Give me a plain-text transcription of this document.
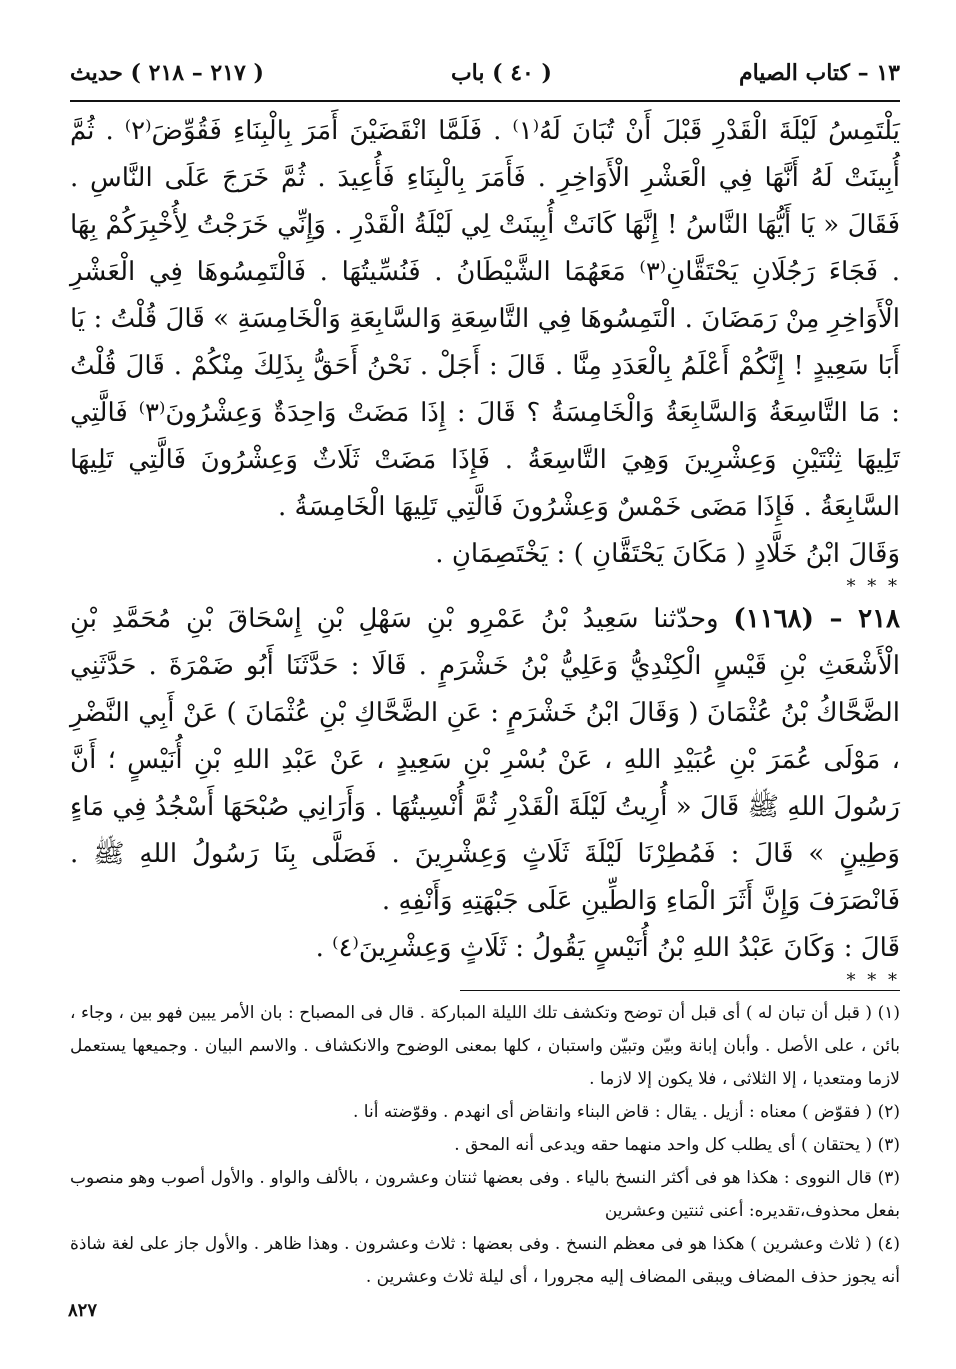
١٣ – كتاب الصيام
( ٤٠ ) باب
( ٢١٧ – ٢١٨ ) حديث

يَلْتَمِسُ لَيْلَةَ الْقَدْرِ قَبْلَ أَنْ تُبَانَ لَهُ⁽١⁾ . فَلَمَّا انْقَضَيْنَ أَمَرَ بِالْبِنَاءِ فَقُوِّضَ⁽٢⁾ . ثُمَّ أُبِينَتْ لَهُ أَنَّهَا فِي الْعَشْرِ الْأَوَاخِرِ . فَأَمَرَ بِالْبِنَاءِ فَأُعِيدَ . ثُمَّ خَرَجَ عَلَى النَّاسِ . فَقَالَ « يَا أَيُّهَا النَّاسُ ! إِنَّهَا كَانَتْ أُبِينَتْ لِي لَيْلَةُ الْقَدْرِ . وَإِنِّي خَرَجْتُ لِأُخْبِرَكُمْ بِهَا . فَجَاءَ رَجُلَانِ يَحْتَقَّانِ⁽٣⁾ مَعَهُمَا الشَّيْطَانُ . فَنُسِّيتُهَا . فَالْتَمِسُوهَا فِي الْعَشْرِ الْأَوَاخِرِ مِنْ رَمَضَانَ . الْتَمِسُوهَا فِي التَّاسِعَةِ وَالسَّابِعَةِ وَالْخَامِسَةِ » قَالَ قُلْتُ : يَا أَبَا سَعِيدٍ ! إِنَّكُمْ أَعْلَمُ بِالْعَدَدِ مِنَّا . قَالَ : أَجَلْ . نَحْنُ أَحَقُّ بِذَلِكَ مِنْكُمْ . قَالَ قُلْتُ : مَا التَّاسِعَةُ وَالسَّابِعَةُ وَالْخَامِسَةُ ؟ قَالَ : إِذَا مَضَتْ وَاحِدَةٌ وَعِشْرُونَ⁽٣⁾ فَالَّتِي تَلِيهَا ثِنْتَيْنِ وَعِشْرِينَ وَهِيَ التَّاسِعَةُ . فَإِذَا مَضَتْ ثَلَاثٌ وَعِشْرُونَ فَالَّتِي تَلِيهَا السَّابِعَةُ . فَإِذَا مَضَى خَمْسٌ وَعِشْرُونَ فَالَّتِي تَلِيهَا الْخَامِسَةُ .

وَقَالَ ابْنُ خَلَّادٍ ( مَكَانَ يَحْتَقَّانِ ) : يَخْتَصِمَانِ .

* * *

٢١٨ – (١١٦٨) وحدّثنا سَعِيدُ بْنُ عَمْرِو بْنِ سَهْلِ بْنِ إِسْحَاقَ بْنِ مُحَمَّدِ بْنِ الْأَشْعَثِ بْنِ قَيْسٍ الْكِنْدِيُّ وَعَلِيُّ بْنُ خَشْرَمٍ . قَالَا : حَدَّثَنَا أَبُو ضَمْرَةَ . حَدَّثَنِي الضَّحَّاكُ بْنُ عُثْمَانَ ( وَقَالَ ابْنُ خَشْرَمٍ : عَنِ الضَّحَّاكِ بْنِ عُثْمَانَ ) عَنْ أَبِي النَّضْرِ ، مَوْلَى عُمَرَ بْنِ عُبَيْدِ اللهِ ، عَنْ بُسْرِ بْنِ سَعِيدٍ ، عَنْ عَبْدِ اللهِ بْنِ أُنَيْسٍ ؛ أَنَّ رَسُولَ اللهِ ﷺ قَالَ « أُرِيتُ لَيْلَةَ الْقَدْرِ ثُمَّ أُنْسِيتُهَا . وَأَرَانِي صُبْحَهَا أَسْجُدُ فِي مَاءٍ وَطِينٍ » قَالَ : فَمُطِرْنَا لَيْلَةَ ثَلَاثٍ وَعِشْرِينَ . فَصَلَّى بِنَا رَسُولُ اللهِ ﷺ . فَانْصَرَفَ وَإِنَّ أَثَرَ الْمَاءِ وَالطِّينِ عَلَى جَبْهَتِهِ وَأَنْفِهِ .

قَالَ : وَكَانَ عَبْدُ اللهِ بْنُ أُنَيْسٍ يَقُولُ : ثَلَاثٍ وَعِشْرِينَ⁽٤⁾ .

* * *

(١) ( قبل أن تبان له ) أى قبل أن توضح وتكشف تلك الليلة المباركة . قال فى المصباح : بان الأمر يبين فهو بين ، وجاء ، بائن ، على الأصل . وأبان إبانة وبيّن وتبيّن واستبان ، كلها بمعنى الوضوح والانكشاف . والاسم البيان . وجميعها يستعمل لازما ومتعديا ، إلا الثلاثى ، فلا يكون إلا لازما .

(٢) ( فقوّض ) معناه : أزيل . يقال : قاض البناء وانقاض أى انهدم . وقوّضته أنا .

(٣) ( يحتقان ) أى يطلب كل واحد منهما حقه ويدعى أنه المحق .

(٣) قال النووى : هكذا هو فى أكثر النسخ بالياء . وفى بعضها ثنتان وعشرون ، بالألف والواو . والأول أصوب وهو منصوب بفعل محذوف،تقديره: أعنى ثنتين وعشرين

(٤) ( ثلاث وعشرين ) هكذا هو فى معظم النسخ . وفى بعضها : ثلاث وعشرون . وهذا ظاهر . والأول جاز على لغة شاذة أنه يجوز حذف المضاف ويبقى المضاف إليه مجرورا ، أى ليلة ثلاث وعشرين .

٨٢٧
